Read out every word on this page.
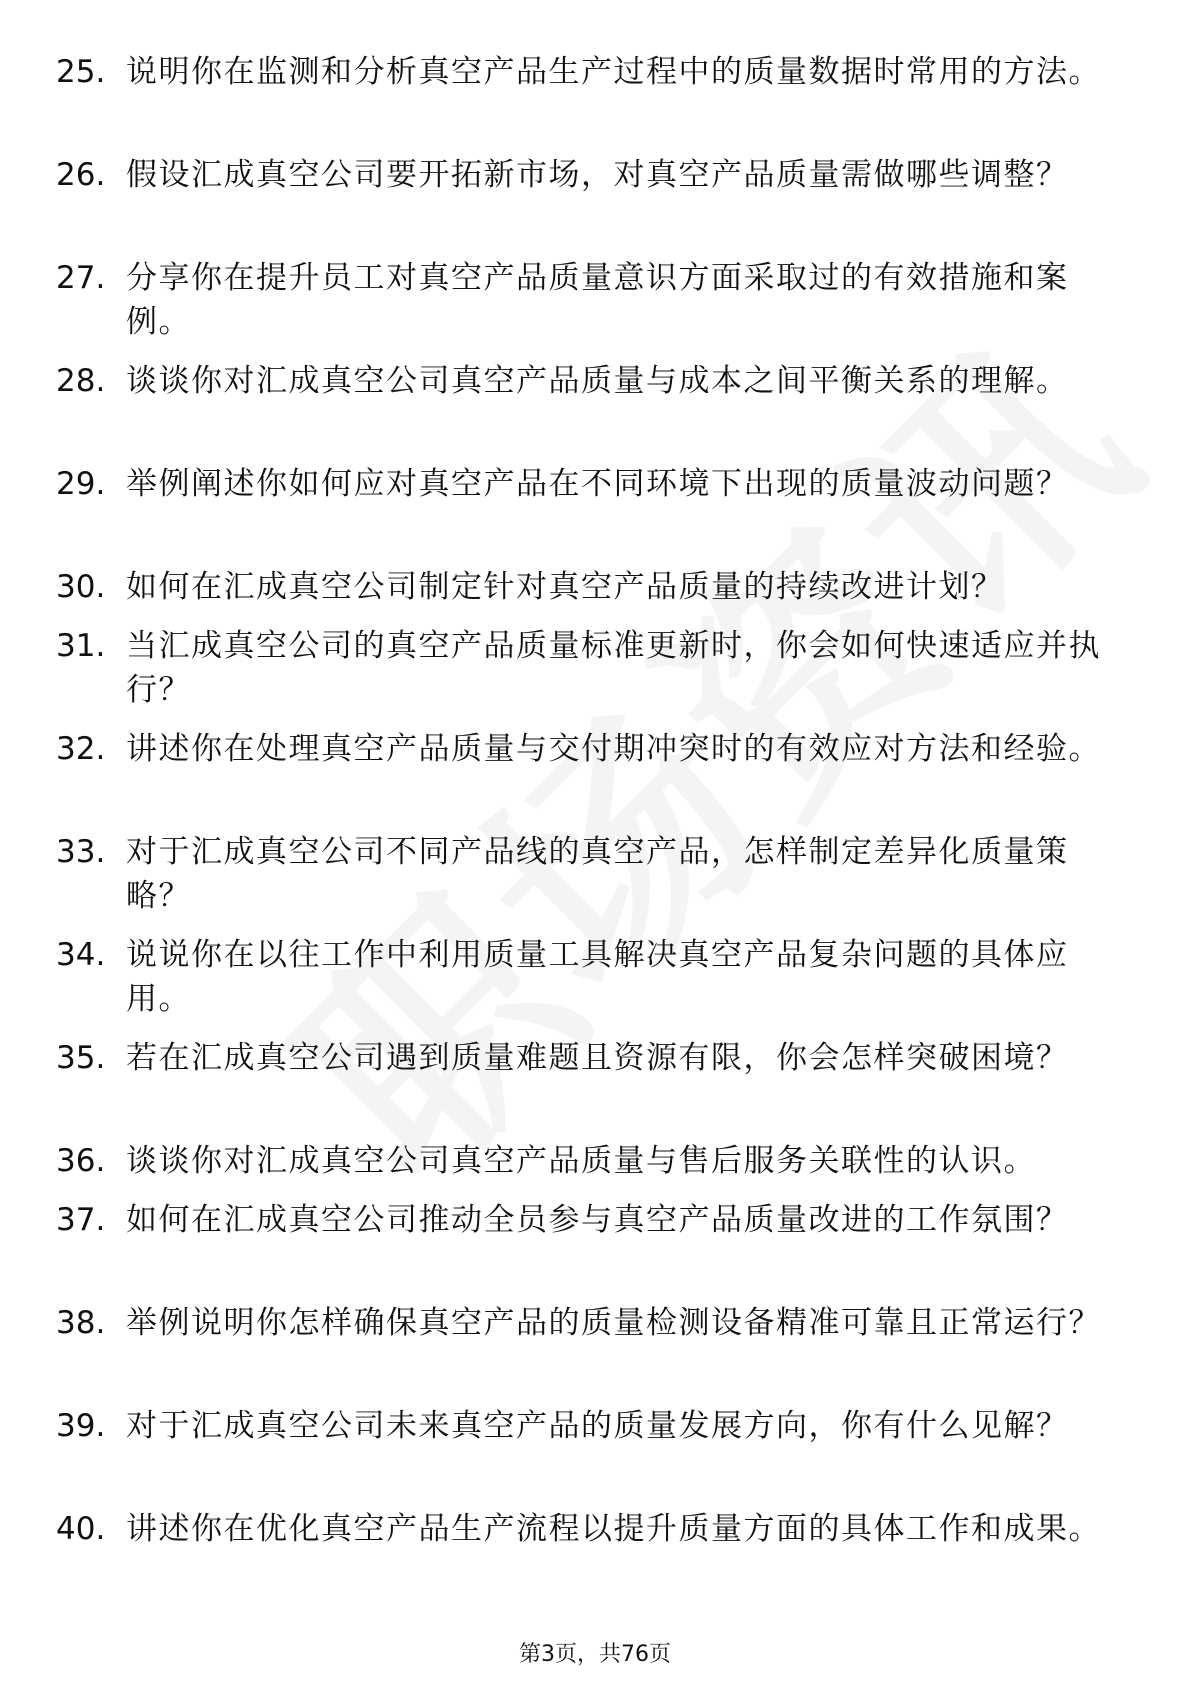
25. 说明你在监测和分析真空产品生产过程中的质量数据时常用的方法。
26. 假设汇成真空公司要开拓新市场，对真空产品质量需做哪些调整？
27. 分享你在提升员工对真空产品质量意识方面采取过的有效措施和案例。
28. 谈谈你对汇成真空公司真空产品质量与成本之间平衡关系的理解。
29. 举例阐述你如何应对真空产品在不同环境下出现的质量波动问题？
30. 如何在汇成真空公司制定针对真空产品质量的持续改进计划？
31. 当汇成真空公司的真空产品质量标准更新时，你会如何快速适应并执行？
32. 讲述你在处理真空产品质量与交付期冲突时的有效应对方法和经验。
33. 对于汇成真空公司不同产品线的真空产品，怎样制定差异化质量策略？
34. 说说你在以往工作中利用质量工具解决真空产品复杂问题的具体应用。
35. 若在汇成真空公司遇到质量难题且资源有限，你会怎样突破困境？
36. 谈谈你对汇成真空公司真空产品质量与售后服务关联性的认识。
37. 如何在汇成真空公司推动全员参与真空产品质量改进的工作氛围？
38. 举例说明你怎样确保真空产品的质量检测设备精准可靠且正常运行？
39. 对于汇成真空公司未来真空产品的质量发展方向，你有什么见解？
40. 讲述你在优化真空产品生产流程以提升质量方面的具体工作和成果。
第3页，共76页
